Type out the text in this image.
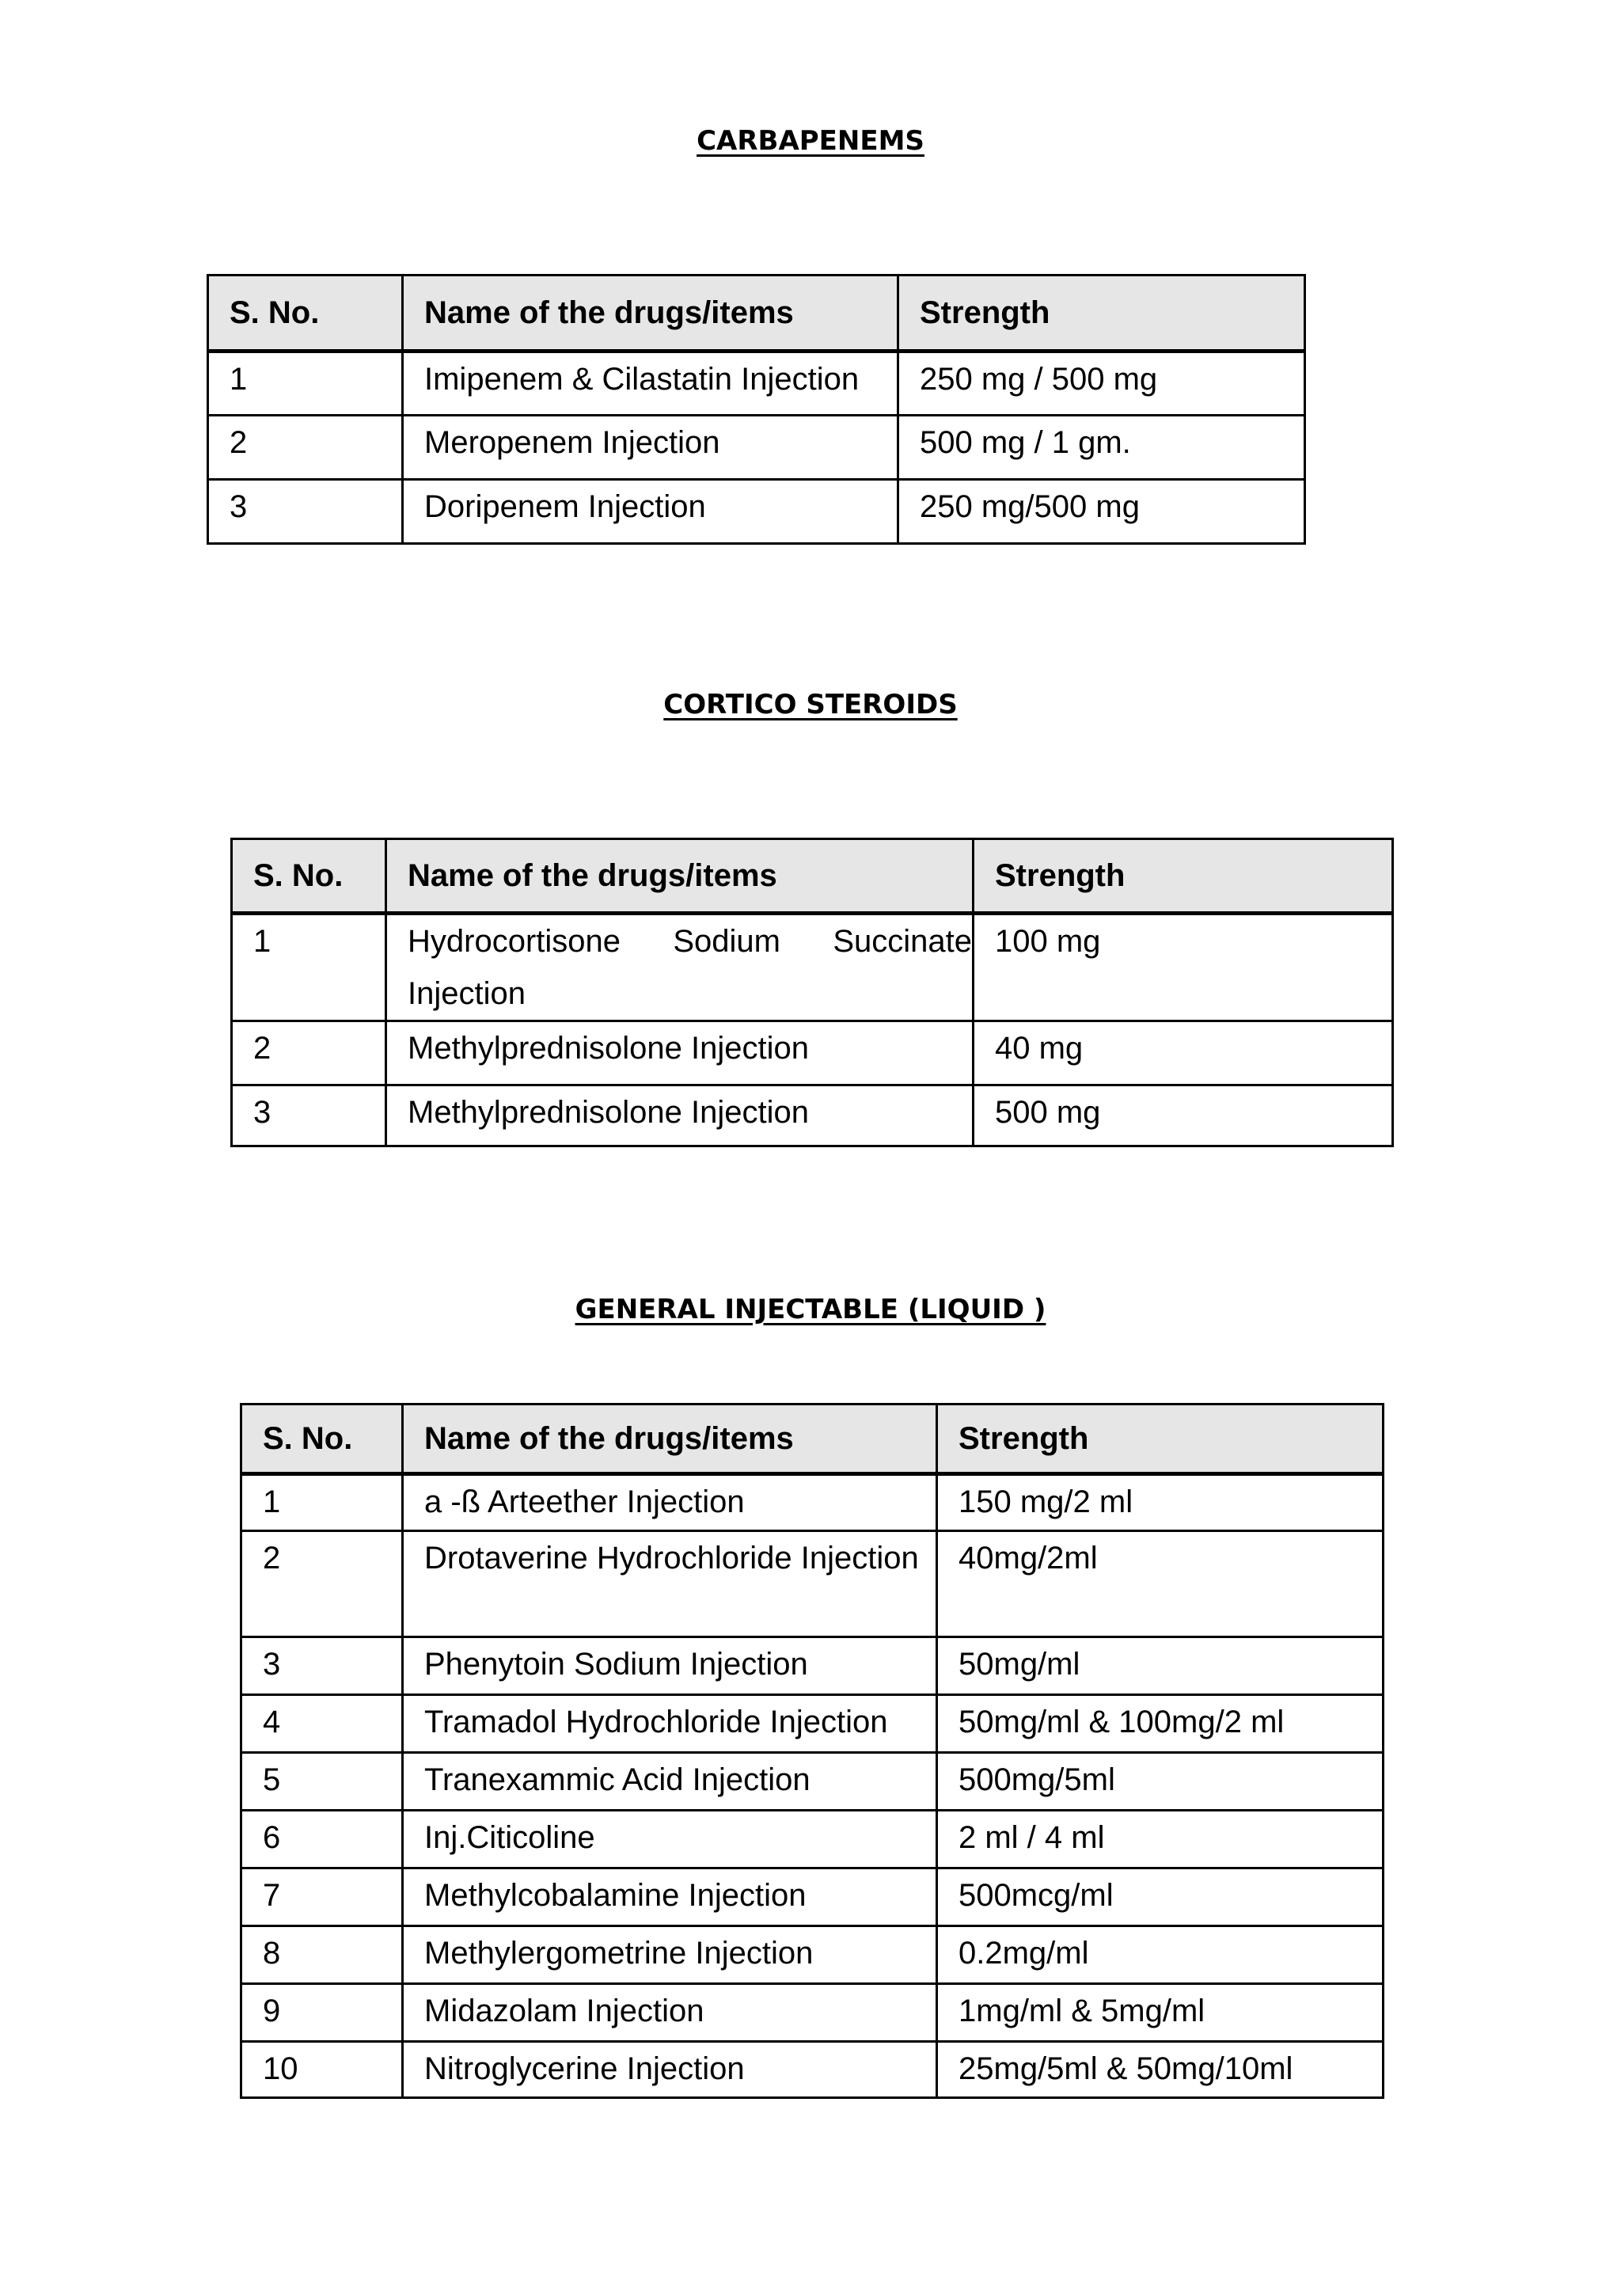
CARBAPENEMS
S. No.	Name of the drugs/items	Strength
1	Imipenem & Cilastatin Injection	250 mg / 500 mg
2	Meropenem Injection	500 mg / 1 gm.
3	Doripenem Injection	250 mg/500 mg
CORTICO STEROIDS
S. No.	Name of the drugs/items	Strength
1	Hydrocortisone Sodium Succinate Injection	100 mg
2	Methylprednisolone Injection	40 mg
3	Methylprednisolone Injection	500 mg
GENERAL INJECTABLE (LIQUID )
S. No.	Name of the drugs/items	Strength
1	a -ß Arteether Injection	150 mg/2 ml
2	Drotaverine Hydrochloride Injection	40mg/2ml
3	Phenytoin Sodium Injection	50mg/ml
4	Tramadol Hydrochloride Injection	50mg/ml & 100mg/2 ml
5	Tranexammic Acid Injection	500mg/5ml
6	Inj.Citicoline	2 ml / 4 ml
7	Methylcobalamine Injection	500mcg/ml
8	Methylergometrine Injection	0.2mg/ml
9	Midazolam Injection	1mg/ml & 5mg/ml
10	Nitroglycerine Injection	25mg/5ml & 50mg/10ml
